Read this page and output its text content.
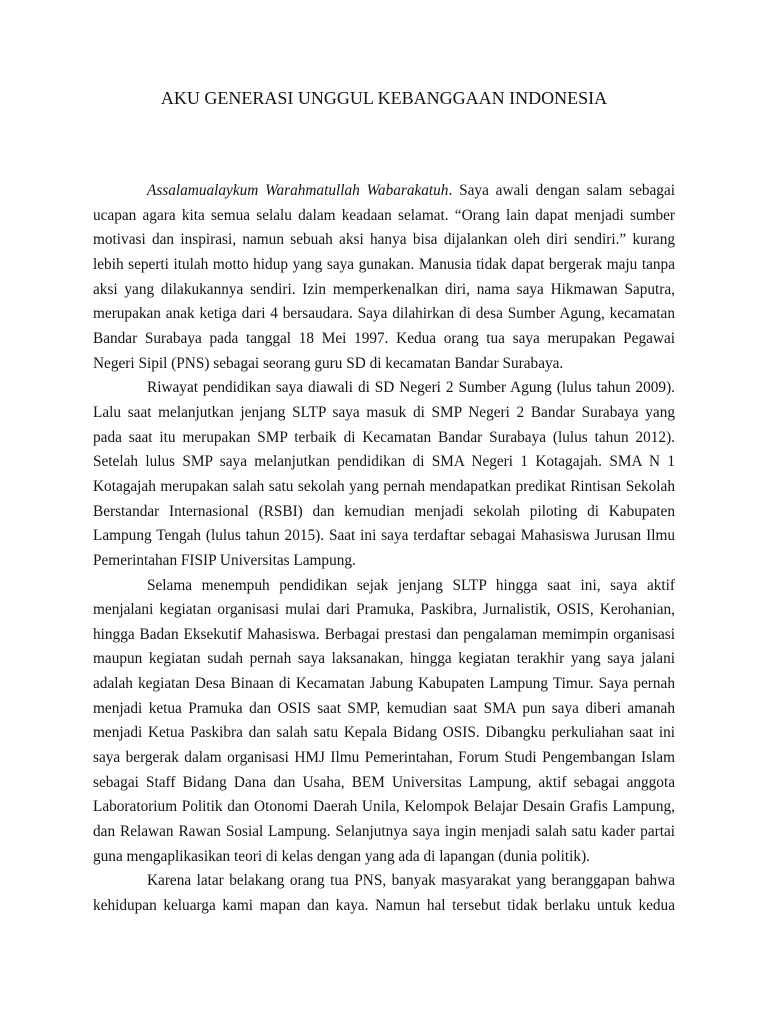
AKU GENERASI UNGGUL KEBANGGAAN INDONESIA
Assalamualaykum Warahmatullah Wabarakatuh. Saya awali dengan salam sebagai
ucapan agara kita semua selalu dalam keadaan selamat. “Orang lain dapat menjadi sumber
motivasi dan inspirasi, namun sebuah aksi hanya bisa dijalankan oleh diri sendiri.” kurang
lebih seperti itulah motto hidup yang saya gunakan. Manusia tidak dapat bergerak maju tanpa
aksi yang dilakukannya sendiri. Izin memperkenalkan diri, nama saya Hikmawan Saputra,
merupakan anak ketiga dari 4 bersaudara. Saya dilahirkan di desa Sumber Agung, kecamatan
Bandar Surabaya pada tanggal 18 Mei 1997. Kedua orang tua saya merupakan Pegawai
Negeri Sipil (PNS) sebagai seorang guru SD di kecamatan Bandar Surabaya.
Riwayat pendidikan saya diawali di SD Negeri 2 Sumber Agung (lulus tahun 2009).
Lalu saat melanjutkan jenjang SLTP saya masuk di SMP Negeri 2 Bandar Surabaya yang
pada saat itu merupakan SMP terbaik di Kecamatan Bandar Surabaya (lulus tahun 2012).
Setelah lulus SMP saya melanjutkan pendidikan di SMA Negeri 1 Kotagajah. SMA N 1
Kotagajah merupakan salah satu sekolah yang pernah mendapatkan predikat Rintisan Sekolah
Berstandar Internasional (RSBI) dan kemudian menjadi sekolah piloting di Kabupaten
Lampung Tengah (lulus tahun 2015). Saat ini saya terdaftar sebagai Mahasiswa Jurusan Ilmu
Pemerintahan FISIP Universitas Lampung.
Selama menempuh pendidikan sejak jenjang SLTP hingga saat ini, saya aktif
menjalani kegiatan organisasi mulai dari Pramuka, Paskibra, Jurnalistik, OSIS, Kerohanian,
hingga Badan Eksekutif Mahasiswa. Berbagai prestasi dan pengalaman memimpin organisasi
maupun kegiatan sudah pernah saya laksanakan, hingga kegiatan terakhir yang saya jalani
adalah kegiatan Desa Binaan di Kecamatan Jabung Kabupaten Lampung Timur. Saya pernah
menjadi ketua Pramuka dan OSIS saat SMP, kemudian saat SMA pun saya diberi amanah
menjadi Ketua Paskibra dan salah satu Kepala Bidang OSIS. Dibangku perkuliahan saat ini
saya bergerak dalam organisasi HMJ Ilmu Pemerintahan, Forum Studi Pengembangan Islam
sebagai Staff Bidang Dana dan Usaha, BEM Universitas Lampung, aktif sebagai anggota
Laboratorium Politik dan Otonomi Daerah Unila, Kelompok Belajar Desain Grafis Lampung,
dan Relawan Rawan Sosial Lampung. Selanjutnya saya ingin menjadi salah satu kader partai
guna mengaplikasikan teori di kelas dengan yang ada di lapangan (dunia politik).
Karena latar belakang orang tua PNS, banyak masyarakat yang beranggapan bahwa
kehidupan keluarga kami mapan dan kaya. Namun hal tersebut tidak berlaku untuk kedua
